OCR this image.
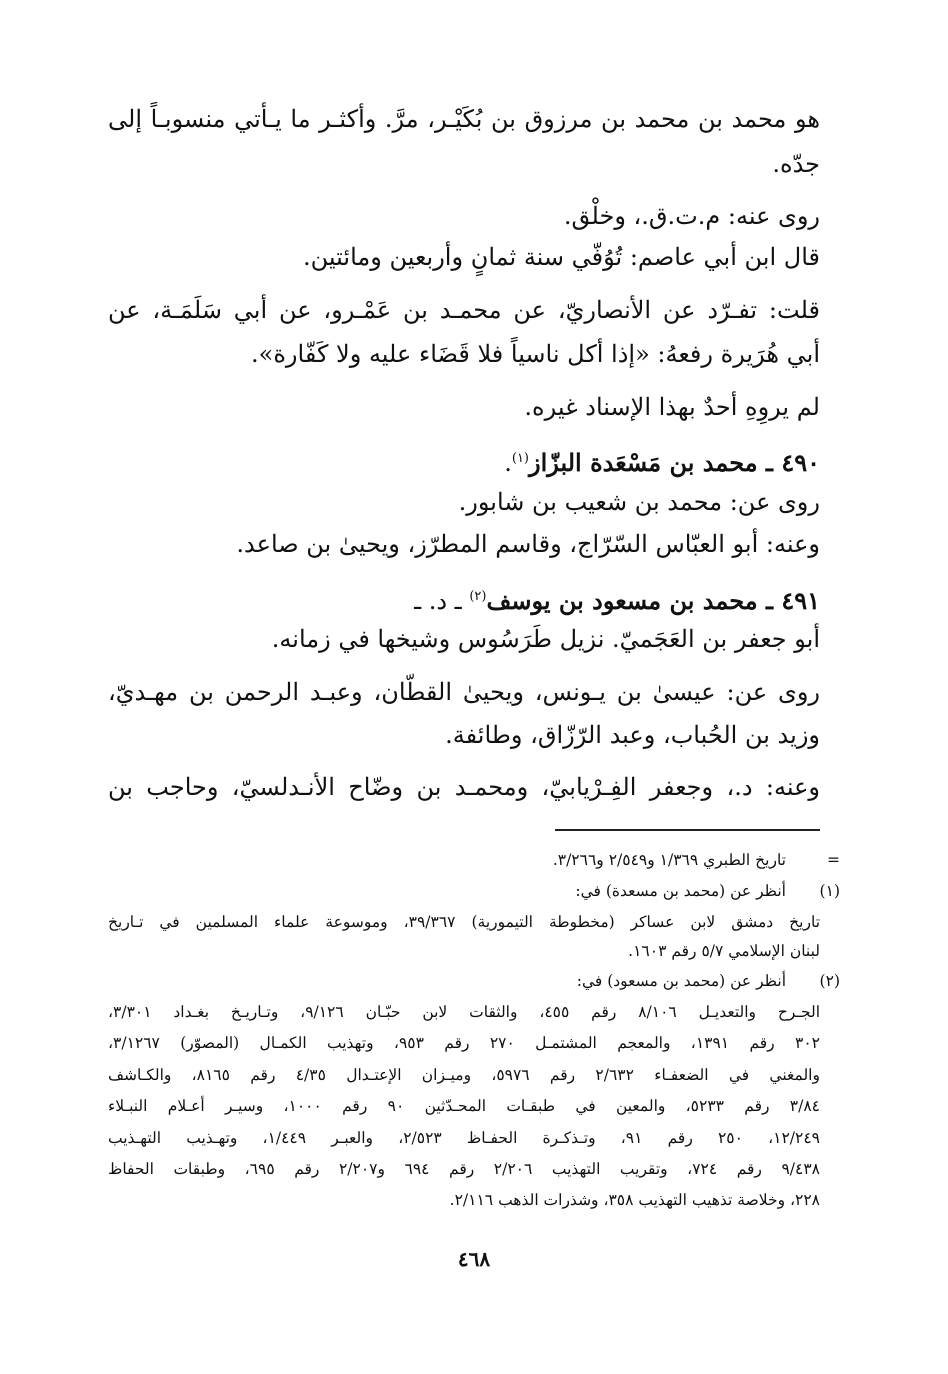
هو محمد بن محمد بن مرزوق بن بُكَيْـر، مرَّ. وأكثـر ما يـأتي منسوبـاً إلى
جدّه.
روى عنه: م.ت.ق.، وخلْق.
قال ابن أبي عاصم: تُوُفّي سنة ثمانٍ وأربعين ومائتين.
قلت: تفـرّد عن الأنصاريّ، عن محمـد بن عَمْـرو، عن أبي سَلَمَـة، عن
أبي هُرَيرة رفعهُ: «إذا أكل ناسياً فلا قَضَاء عليه ولا كَفّارة».
لم يروِهِ أحدٌ بهذا الإسناد غيره.
٤٩٠ ـ محمد بن مَسْعَدة البزّاز$^{(١)}$.
روى عن: محمد بن شعيب بن شابور.
وعنه: أبو العبّاس السّرّاج، وقاسم المطرّز، ويحيىٰ بن صاعد.
٤٩١ ـ محمد بن مسعود بن يوسف$^{(٢)}$ ـ د. ـ
أبو جعفر بن العَجَميّ. نزيل طَرَسُوس وشيخها في زمانه.
روى عن: عيسىٰ بن يـونس، ويحيىٰ القطّان، وعبـد الرحمن بن مهـديّ،
وزيد بن الحُباب، وعبد الرّزّاق، وطائفة.
وعنه: د.، وجعفر الفِـرْيابيّ، ومحمـد بن وضّاح الأنـدلسيّ، وحاجب بن
=
تاريخ الطبري ١/٣٦٩ و٢/٥٤٩ و٣/٢٦٦.
(١)
أنظر عن (محمد بن مسعدة) في:
تاريخ دمشق لابن عساكر (مخطوطة التيمورية) ٣٩/٣٦٧، وموسوعة علماء المسلمين في تـاريخ
لبنان الإسلامي ٥/٧ رقم ١٦٠٣.
(٢)
أنظر عن (محمد بن مسعود) في:
الجـرح والتعديـل ٨/١٠٦ رقم ٤٥٥، والثقات لابن حبّـان ٩/١٢٦، وتـاريـخ بغـداد ٣/٣٠١،
٣٠٢ رقم ١٣٩١، والمعجم المشتمـل ٢٧٠ رقم ٩٥٣، وتهذيب الكمـال (المصوّر) ٣/١٢٦٧،
والمغني في الضعفـاء ٢/٦٣٢ رقم ٥٩٧٦، وميـزان الإعتـدال ٤/٣٥ رقم ٨١٦٥، والكـاشف
٣/٨٤ رقم ٥٢٣٣، والمعين في طبقـات المحـدّثين ٩٠ رقم ١٠٠٠، وسيـر أعـلام النبـلاء
١٢/٢٤٩، ٢٥٠ رقم ٩١، وتـذكـرة الحفـاظ ٢/٥٢٣، والعبـر ١/٤٤٩، وتهـذيب التهـذيب
٩/٤٣٨ رقم ٧٢٤، وتقريب التهذيب ٢/٢٠٦ رقم ٦٩٤ و٢/٢٠٧ رقم ٦٩٥، وطبقات الحفاظ
٢٢٨، وخلاصة تذهيب التهذيب ٣٥٨، وشذرات الذهب ٢/١١٦.
٤٦٨
